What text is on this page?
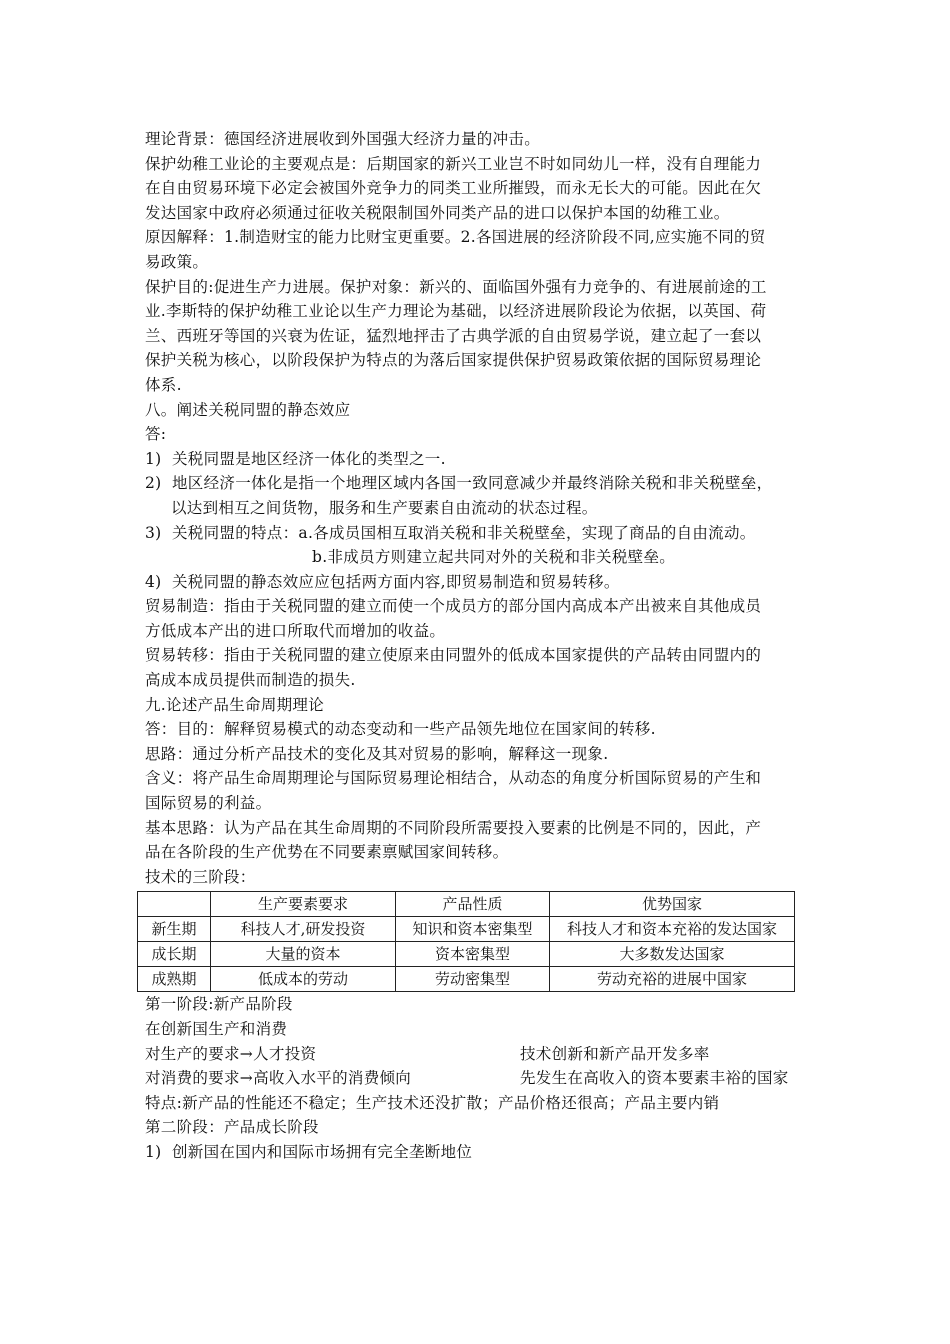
理论背景：德国经济进展收到外国强大经济力量的冲击。
保护幼稚工业论的主要观点是：后期国家的新兴工业岂不时如同幼儿一样，没有自理能力
在自由贸易环境下必定会被国外竞争力的同类工业所摧毁，而永无长大的可能。因此在欠
发达国家中政府必须通过征收关税限制国外同类产品的进口以保护本国的幼稚工业。
原因解释：1.制造财宝的能力比财宝更重要。2.各国进展的经济阶段不同,应实施不同的贸
易政策。
保护目的:促进生产力进展。保护对象：新兴的、面临国外强有力竞争的、有进展前途的工
业.李斯特的保护幼稚工业论以生产力理论为基础，以经济进展阶段论为依据，以英国、荷
兰、西班牙等国的兴衰为佐证，猛烈地抨击了古典学派的自由贸易学说，建立起了一套以
保护关税为核心，以阶段保护为特点的为落后国家提供保护贸易政策依据的国际贸易理论
体系.
八。阐述关税同盟的静态效应
答:
1) 关税同盟是地区经济一体化的类型之一.
2) 地区经济一体化是指一个地理区域内各国一致同意减少并最终消除关税和非关税壁垒，
以达到相互之间货物，服务和生产要素自由流动的状态过程。
3) 关税同盟的特点：a.各成员国相互取消关税和非关税壁垒，实现了商品的自由流动。
b.非成员方则建立起共同对外的关税和非关税壁垒。
4) 关税同盟的静态效应应包括两方面内容,即贸易制造和贸易转移。
贸易制造：指由于关税同盟的建立而使一个成员方的部分国内高成本产出被来自其他成员
方低成本产出的进口所取代而增加的收益。
贸易转移：指由于关税同盟的建立使原来由同盟外的低成本国家提供的产品转由同盟内的
高成本成员提供而制造的损失.
九.论述产品生命周期理论
答：目的：解释贸易模式的动态变动和一些产品领先地位在国家间的转移.
思路：通过分析产品技术的变化及其对贸易的影响，解释这一现象.
含义：将产品生命周期理论与国际贸易理论相结合，从动态的角度分析国际贸易的产生和
国际贸易的利益。
基本思路：认为产品在其生命周期的不同阶段所需要投入要素的比例是不同的，因此，产
品在各阶段的生产优势在不同要素禀赋国家间转移。
技术的三阶段：
	生产要素要求	产品性质	优势国家
新生期	科技人才,研发投资	知识和资本密集型	科技人才和资本充裕的发达国家
成长期	大量的资本	资本密集型	大多数发达国家
成熟期	低成本的劳动	劳动密集型	劳动充裕的进展中国家
第一阶段:新产品阶段
在创新国生产和消费
对生产的要求→人才投资	技术创新和新产品开发多率
对消费的要求→高收入水平的消费倾向	先发生在高收入的资本要素丰裕的国家
特点:新产品的性能还不稳定；生产技术还没扩散；产品价格还很高；产品主要内销
第二阶段：产品成长阶段
1) 创新国在国内和国际市场拥有完全垄断地位
